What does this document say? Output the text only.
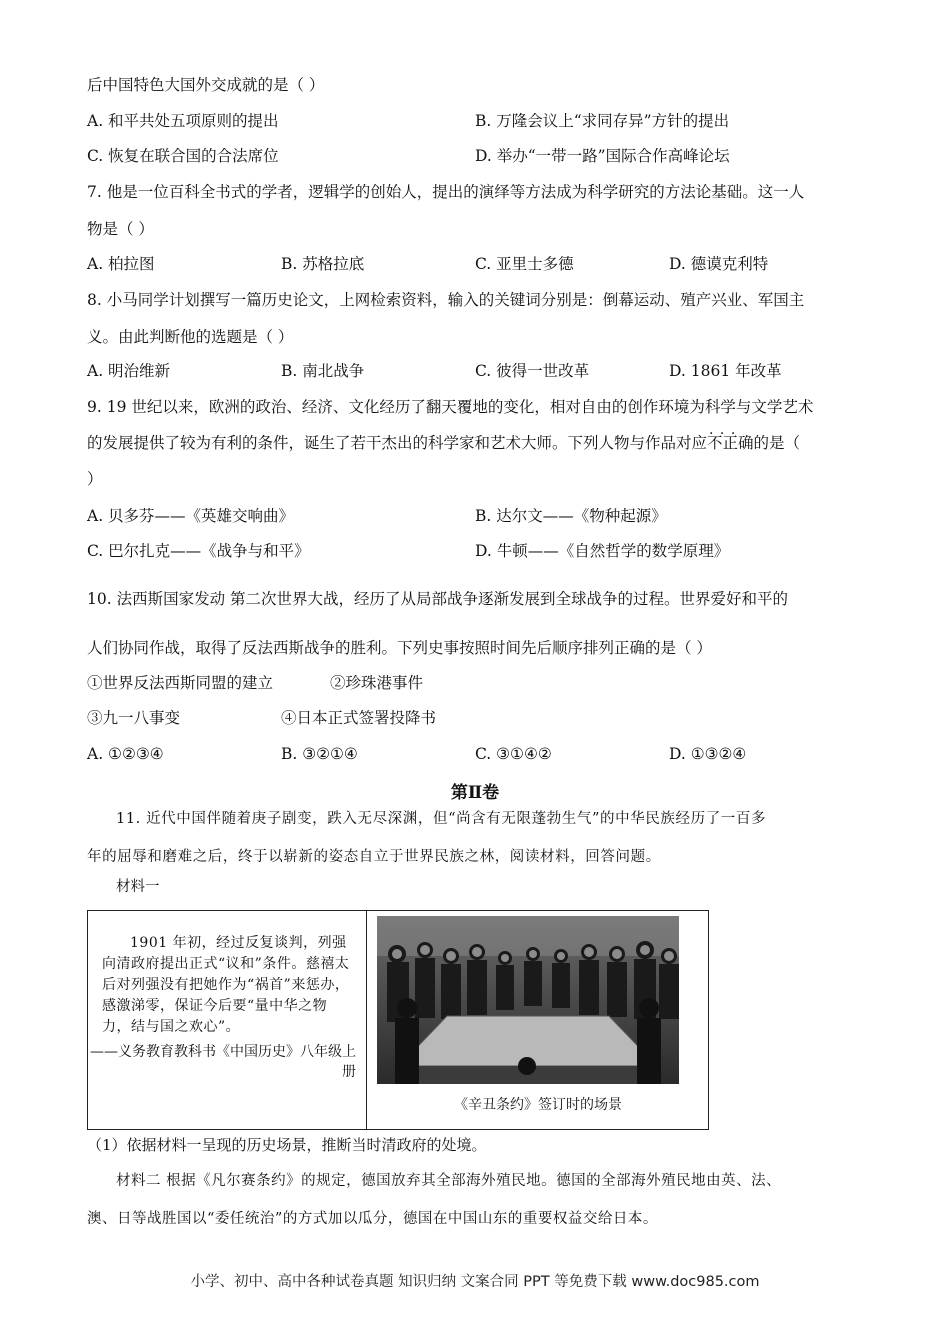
后中国特色大国外交成就的是（ ）
A. 和平共处五项原则的提出	B. 万隆会议上“求同存异”方针的提出
C. 恢复在联合国的合法席位	D. 举办“一带一路”国际合作高峰论坛
7. 他是一位百科全书式的学者，逻辑学的创始人，提出的演绎等方法成为科学研究的方法论基础。这一人
物是（ ）
A. 柏拉图	B. 苏格拉底	C. 亚里士多德	D. 德谟克利特
8. 小马同学计划撰写一篇历史论文，上网检索资料，输入的关键词分别是：倒幕运动、殖产兴业、军国主
义。由此判断他的选题是（ ）
A. 明治维新	B. 南北战争	C. 彼得一世改革	D. 1861 年改革
9. 19 世纪以来，欧洲的政治、经济、文化经历了翻天覆地的变化，相对自由的创作环境为科学与文学艺术
的发展提供了较为有利的条件，诞生了若干杰出的科学家和艺术大师。下列人物与作品对应· · · 不正确的是（
）
A. 贝多芬——《英雄交响曲》	B. 达尔文——《物种起源》
C. 巴尔扎克——《战争与和平》	D. 牛顿——《自然哲学的数学原理》
10. 法西斯国家发动 第二次世界大战，经历了从局部战争逐渐发展到全球战争的过程。世界爱好和平的
人们协同作战，取得了反法西斯战争的胜利。下列史事按照时间先后顺序排列正确的是（ ）
①世界反法西斯同盟的建立	②珍珠港事件
③九一八事变	④日本正式签署投降书
A. ①②③④	B. ③②①④	C. ③①④②	D. ①③②④
第Ⅱ卷
11. 近代中国伴随着庚子剧变，跌入无尽深渊，但“尚含有无限蓬勃生气”的中华民族经历了一百多
年的屈辱和磨难之后，终于以崭新的姿态自立于世界民族之林，阅读材料，回答问题。
材料一
1901 年初，经过反复谈判，列强向清政府提出正式“议和”条件。慈禧太后对列强没有把她作为“祸首”来惩办，感激涕零，保证今后要“量中华之物力，结与国之欢心”。
——义务教育教科书《中国历史》八年级上册

《辛丑条约》签订时的场景
（1）依据材料一呈现的历史场景，推断当时清政府的处境。
材料二 根据《凡尔赛条约》的规定，德国放弃其全部海外殖民地。德国的全部海外殖民地由英、法、
澳、日等战胜国以“委任统治”的方式加以瓜分，德国在中国山东的重要权益交给日本。
小学、初中、高中各种试卷真题 知识归纳 文案合同 PPT 等免费下载 www.doc985.com
